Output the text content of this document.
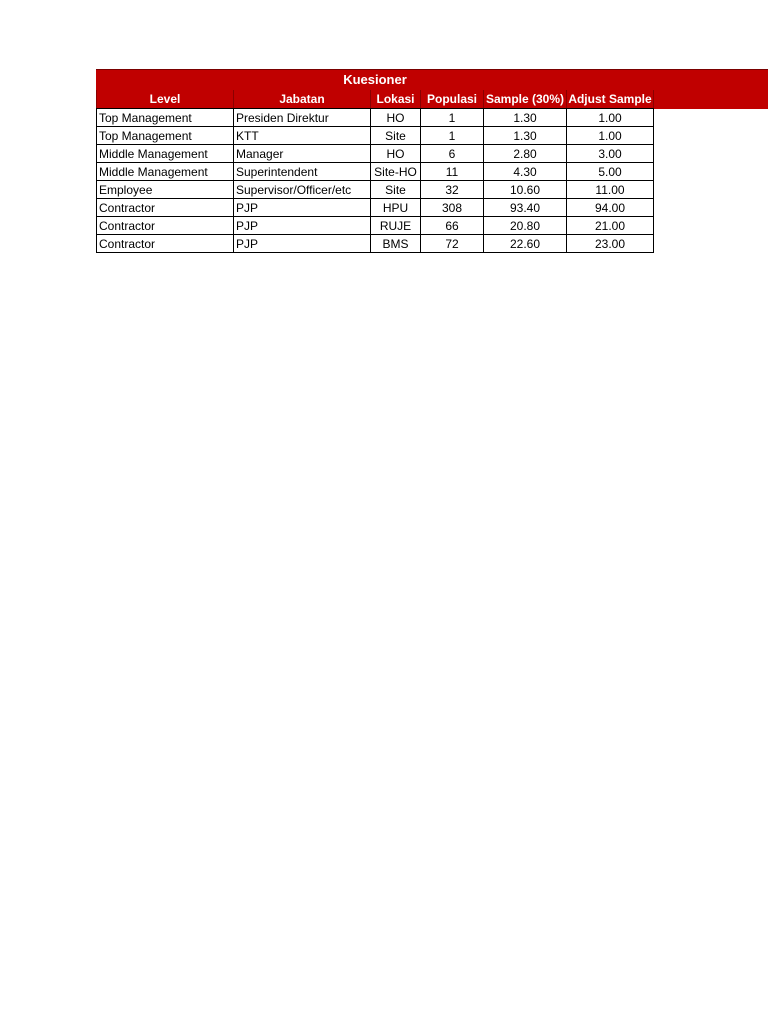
Kuesioner
Level	Jabatan	Lokasi	Populasi	Sample (30%)	Adjust Sample
Top Management	Presiden Direktur	HO	1	1.30	1.00
Top Management	KTT	Site	1	1.30	1.00
Middle Management	Manager	HO	6	2.80	3.00
Middle Management	Superintendent	Site-HO	11	4.30	5.00
Employee	Supervisor/Officer/etc	Site	32	10.60	11.00
Contractor	PJP	HPU	308	93.40	94.00
Contractor	PJP	RUJE	66	20.80	21.00
Contractor	PJP	BMS	72	22.60	23.00
